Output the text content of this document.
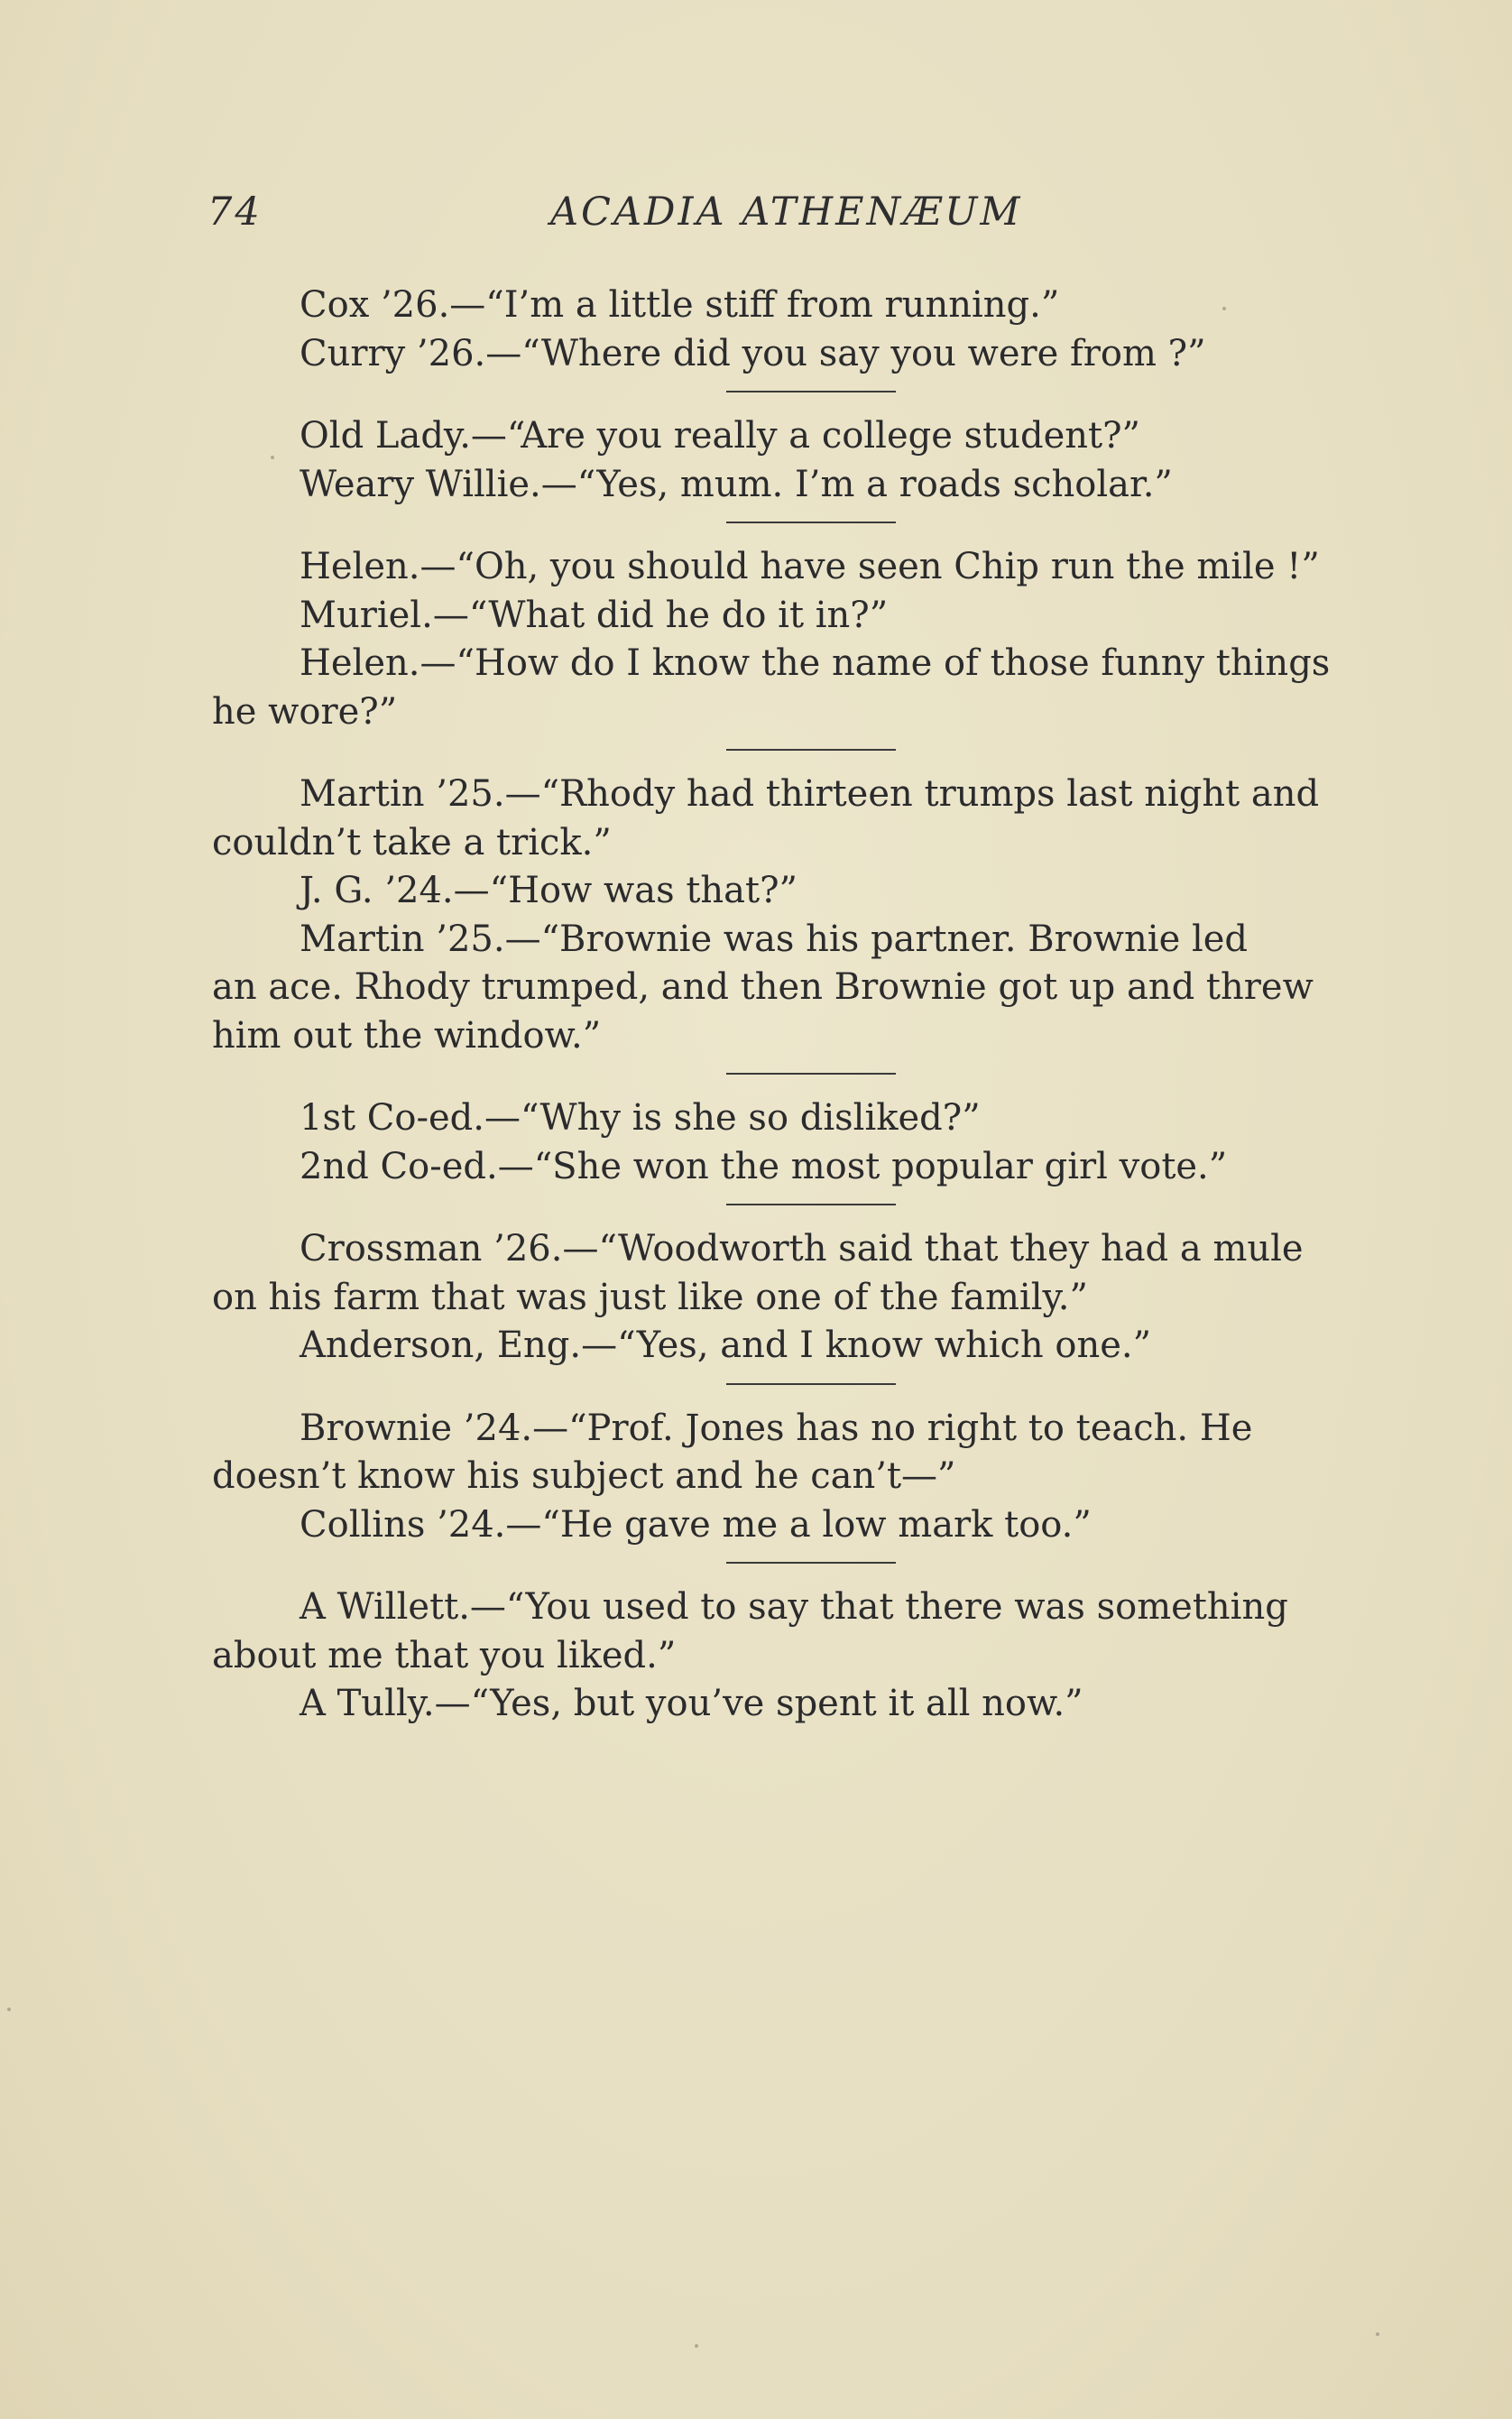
74	ACADIA ATHENÆUM
Cox ’26.—“I’m a little stiff from running.”
Curry ’26.—“Where did you say you were from ?”
Old Lady.—“Are you really a college student?”
Weary Willie.—“Yes, mum. I’m a roads scholar.”
Helen.—“Oh, you should have seen Chip run the mile !”
Muriel.—“What did he do it in?”
Helen.—“How do I know the name of those funny things
he wore?”
Martin ’25.—“Rhody had thirteen trumps last night and
couldn’t take a trick.”
J. G. ’24.—“How was that?”
Martin ’25.—“Brownie was his partner. Brownie led
an ace. Rhody trumped, and then Brownie got up and threw
him out the window.”
1st Co-ed.—“Why is she so disliked?”
2nd Co-ed.—“She won the most popular girl vote.”
Crossman ’26.—“Woodworth said that they had a mule
on his farm that was just like one of the family.”
Anderson, Eng.—“Yes, and I know which one.”
Brownie ’24.—“Prof. Jones has no right to teach. He
doesn’t know his subject and he can’t—”
Collins ’24.—“He gave me a low mark too.”
A Willett.—“You used to say that there was something
about me that you liked.”
A Tully.—“Yes, but you’ve spent it all now.”
